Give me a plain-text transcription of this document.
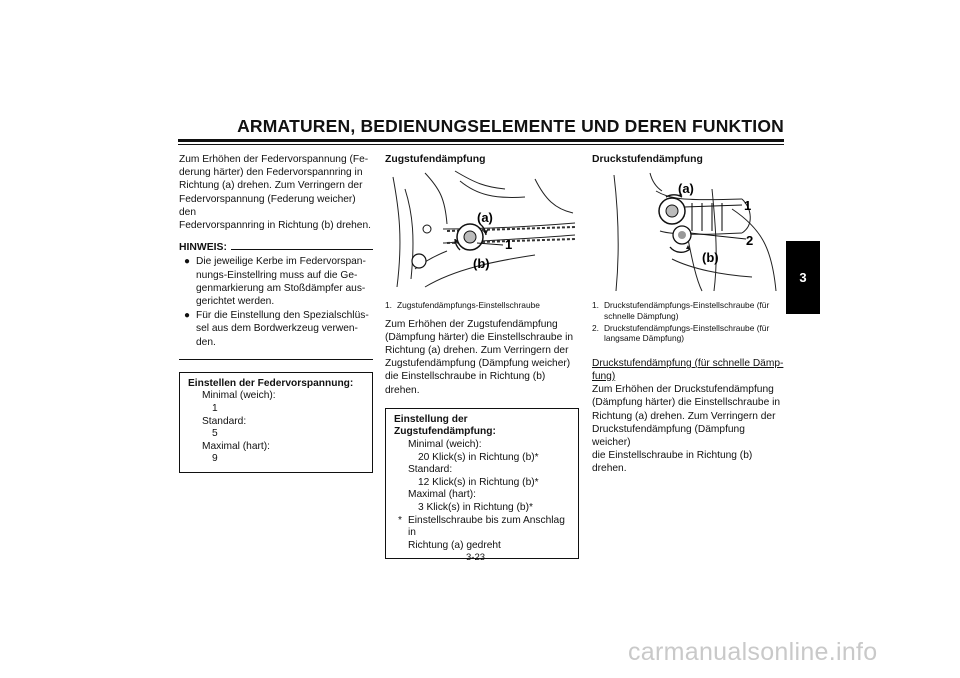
ARMATUREN, BEDIENUNGSELEMENTE UND DEREN FUNKTION
3
Zum Erhöhen der Federvorspannung (Fe-
derung härter) den Federvorspannring in
Richtung (a) drehen. Zum Verringern der
Federvorspannung (Federung weicher) den
Federvorspannring in Richtung (b) drehen.
HINWEIS:
● Die jeweilige Kerbe im Federvorspan-
nungs-Einstellring muss auf die Ge-
genmarkierung am Stoßdämpfer aus-
gerichtet werden.
● Für die Einstellung den Spezialschlüs-
sel aus dem Bordwerkzeug verwen-
den.
Einstellen der Federvorspannung:
Minimal (weich):
1
Standard:
5
Maximal (hart):
9
Zugstufendämpfung
(a)
1
(b)
1. Zugstufendämpfungs-Einstellschraube
Zum Erhöhen der Zugstufendämpfung
(Dämpfung härter) die Einstellschraube in
Richtung (a) drehen. Zum Verringern der
Zugstufendämpfung (Dämpfung weicher)
die Einstellschraube in Richtung (b) drehen.
Einstellung der Zugstufendämpfung:
Minimal (weich):
20 Klick(s) in Richtung (b)*
Standard:
12 Klick(s) in Richtung (b)*
Maximal (hart):
3 Klick(s) in Richtung (b)*
* Einstellschraube bis zum Anschlag in
Richtung (a) gedreht
Druckstufendämpfung
(a)
1
2
(b)
1. Druckstufendämpfungs-Einstellschraube (für
schnelle Dämpfung)
2. Druckstufendämpfungs-Einstellschraube (für
langsame Dämpfung)
Druckstufendämpfung (für schnelle Dämp-
fung)
Zum Erhöhen der Druckstufendämpfung
(Dämpfung härter) die Einstellschraube in
Richtung (a) drehen. Zum Verringern der
Druckstufendämpfung (Dämpfung weicher)
die Einstellschraube in Richtung (b) drehen.
3-23
carmanualsonline.info
